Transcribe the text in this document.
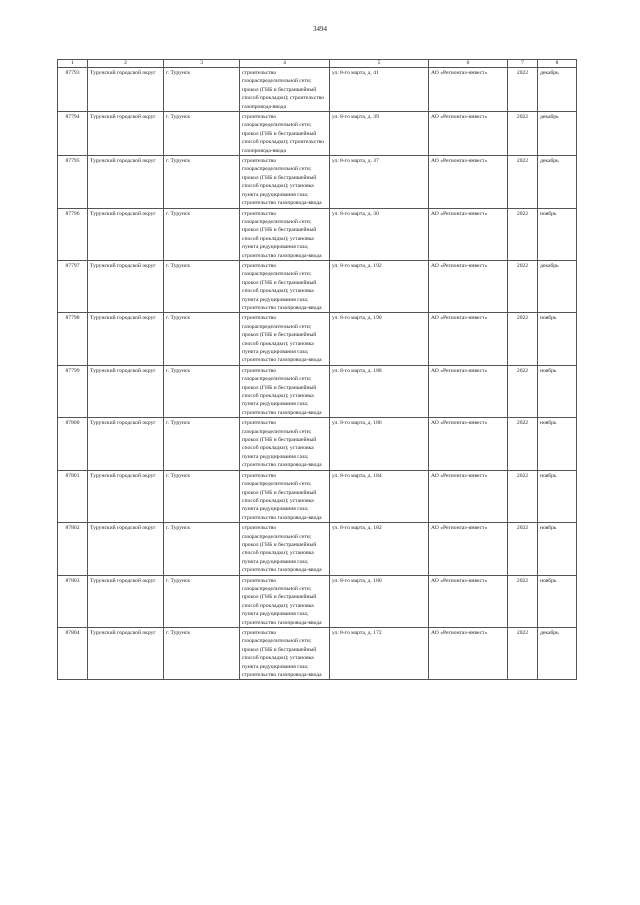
3494
1	2	3	4	5	6	7	8
87793	Турунский городской округ	г. Турунск	строительство газораспределительной сети; прокол (ГНБ и бестраншейный способ прокладки); строительство газопровода-ввода	ул. 8-го марта, д. 41	АО «Регионгаз-инвест»	2022	декабрь
87794	Турунский городской округ	г. Турунск	строительство газораспределительной сети; прокол (ГНБ и бестраншейный способ прокладки); строительство газопровода-ввода	ул. 8-го марта, д. 39	АО «Регионгаз-инвест»	2022	декабрь
87795	Турунский городской округ	г. Турунск	строительство газораспределительной сети; прокол (ГНБ и бестраншейный способ прокладки); установка пункта редуцирования газа; строительство газопровода-ввода	ул. 8-го марта, д. 37	АО «Регионгаз-инвест»	2022	декабрь
87796	Турунский городской округ	г. Турунск	строительство газораспределительной сети; прокол (ГНБ и бестраншейный способ прокладки); установка пункта редуцирования газа; строительство газопровода-ввода	ул. 8-го марта, д. 30	АО «Регионгаз-инвест»	2022	ноябрь
87797	Турунский городской округ	г. Турунск	строительство газораспределительной сети; прокол (ГНБ и бестраншейный способ прокладки); установка пункта редуцирования газа; строительство газопровода-ввода	ул. 8-го марта, д. 192	АО «Регионгаз-инвест»	2022	декабрь
87798	Турунский городской округ	г. Турунск	строительство газораспределительной сети; прокол (ГНБ и бестраншейный способ прокладки); установка пункта редуцирования газа; строительство газопровода-ввода	ул. 8-го марта, д. 190	АО «Регионгаз-инвест»	2022	ноябрь
87799	Турунский городской округ	г. Турунск	строительство газораспределительной сети; прокол (ГНБ и бестраншейный способ прокладки); установка пункта редуцирования газа; строительство газопровода-ввода	ул. 8-го марта, д. 188	АО «Регионгаз-инвест»	2022	ноябрь
87800	Турунский городской округ	г. Турунск	строительство газораспределительной сети; прокол (ГНБ и бестраншейный способ прокладки); установка пункта редуцирования газа; строительство газопровода-ввода	ул. 8-го марта, д. 186	АО «Регионгаз-инвест»	2022	ноябрь
87801	Турунский городской округ	г. Турунск	строительство газораспределительной сети; прокол (ГНБ и бестраншейный способ прокладки); установка пункта редуцирования газа; строительство газопровода-ввода	ул. 8-го марта, д. 184	АО «Регионгаз-инвест»	2022	ноябрь
87802	Турунский городской округ	г. Турунск	строительство газораспределительной сети; прокол (ГНБ и бестраншейный способ прокладки); установка пункта редуцирования газа; строительство газопровода-ввода	ул. 8-го марта, д. 182	АО «Регионгаз-инвест»	2022	ноябрь
87803	Турунский городской округ	г. Турунск	строительство газораспределительной сети; прокол (ГНБ и бестраншейный способ прокладки); установка пункта редуцирования газа; строительство газопровода-ввода	ул. 8-го марта, д. 180	АО «Регионгаз-инвест»	2022	ноябрь
87804	Турунский городской округ	г. Турунск	строительство газораспределительной сети; прокол (ГНБ и бестраншейный способ прокладки); установка пункта редуцирования газа; строительство газопровода-ввода	ул. 8-го марта, д. 172	АО «Регионгаз-инвест»	2022	декабрь
